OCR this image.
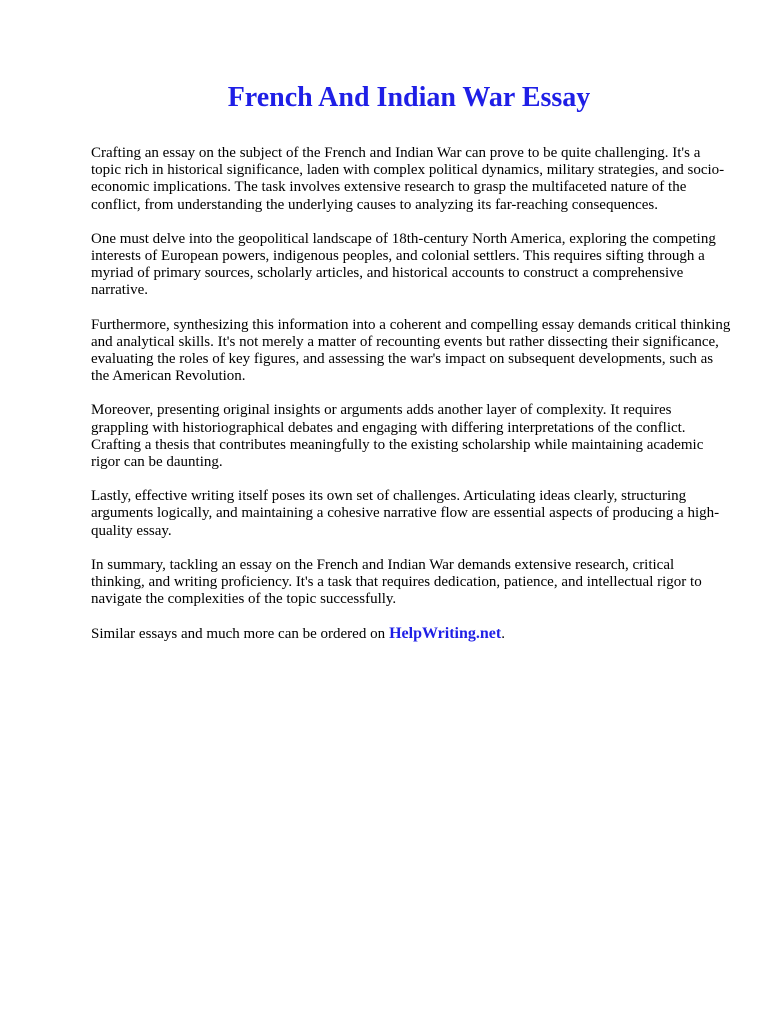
French And Indian War Essay

Crafting an essay on the subject of the French and Indian War can prove to be quite challenging. It's a topic rich in historical significance, laden with complex political dynamics, military strategies, and socio-economic implications. The task involves extensive research to grasp the multifaceted nature of the conflict, from understanding the underlying causes to analyzing its far-reaching consequences.

One must delve into the geopolitical landscape of 18th-century North America, exploring the competing interests of European powers, indigenous peoples, and colonial settlers. This requires sifting through a myriad of primary sources, scholarly articles, and historical accounts to construct a comprehensive narrative.

Furthermore, synthesizing this information into a coherent and compelling essay demands critical thinking and analytical skills. It's not merely a matter of recounting events but rather dissecting their significance, evaluating the roles of key figures, and assessing the war's impact on subsequent developments, such as the American Revolution.

Moreover, presenting original insights or arguments adds another layer of complexity. It requires grappling with historiographical debates and engaging with differing interpretations of the conflict. Crafting a thesis that contributes meaningfully to the existing scholarship while maintaining academic rigor can be daunting.

Lastly, effective writing itself poses its own set of challenges. Articulating ideas clearly, structuring arguments logically, and maintaining a cohesive narrative flow are essential aspects of producing a high-quality essay.

In summary, tackling an essay on the French and Indian War demands extensive research, critical thinking, and writing proficiency. It's a task that requires dedication, patience, and intellectual rigor to navigate the complexities of the topic successfully.

Similar essays and much more can be ordered on HelpWriting.net.
